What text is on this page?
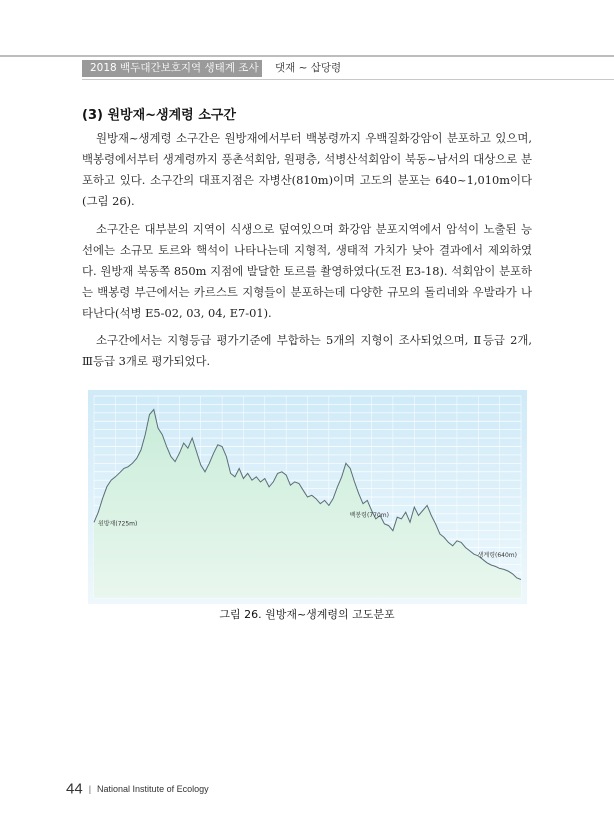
2018 백두대간보호지역 생태계 조사	댓재 ~ 삽당령
(3) 원방재~생계령 소구간

원방재~생계령 소구간은 원방재에서부터 백봉령까지 우백질화강암이 분포하고 있으며, 백봉령에서부터 생계령까지 풍촌석회암, 원평층, 석병산석회암이 북동~남서의 대상으로 분포하고 있다. 소구간의 대표지점은 자병산(810m)이며 고도의 분포는 640~1,010m이다(그림 26).

소구간은 대부분의 지역이 식생으로 덮여있으며 화강암 분포지역에서 암석이 노출된 능선에는 소규모 토르와 핵석이 나타나는데 지형적, 생태적 가치가 낮아 결과에서 제외하였다. 원방재 북동쪽 850m 지점에 발달한 토르를 촬영하였다(도전 E3-18). 석회암이 분포하는 백봉령 부근에서는 카르스트 지형들이 분포하는데 다양한 규모의 돌리네와 우발라가 나타난다(석병 E5-02, 03, 04, E7-01).

소구간에서는 지형등급 평가기준에 부합하는 5개의 지형이 조사되었으며, Ⅱ등급 2개, Ⅲ등급 3개로 평가되었다.

원방재(725m)
백봉령(770m)
생계령(640m)
그림 26. 원방재~생계령의 고도분포
44 | National Institute of Ecology
